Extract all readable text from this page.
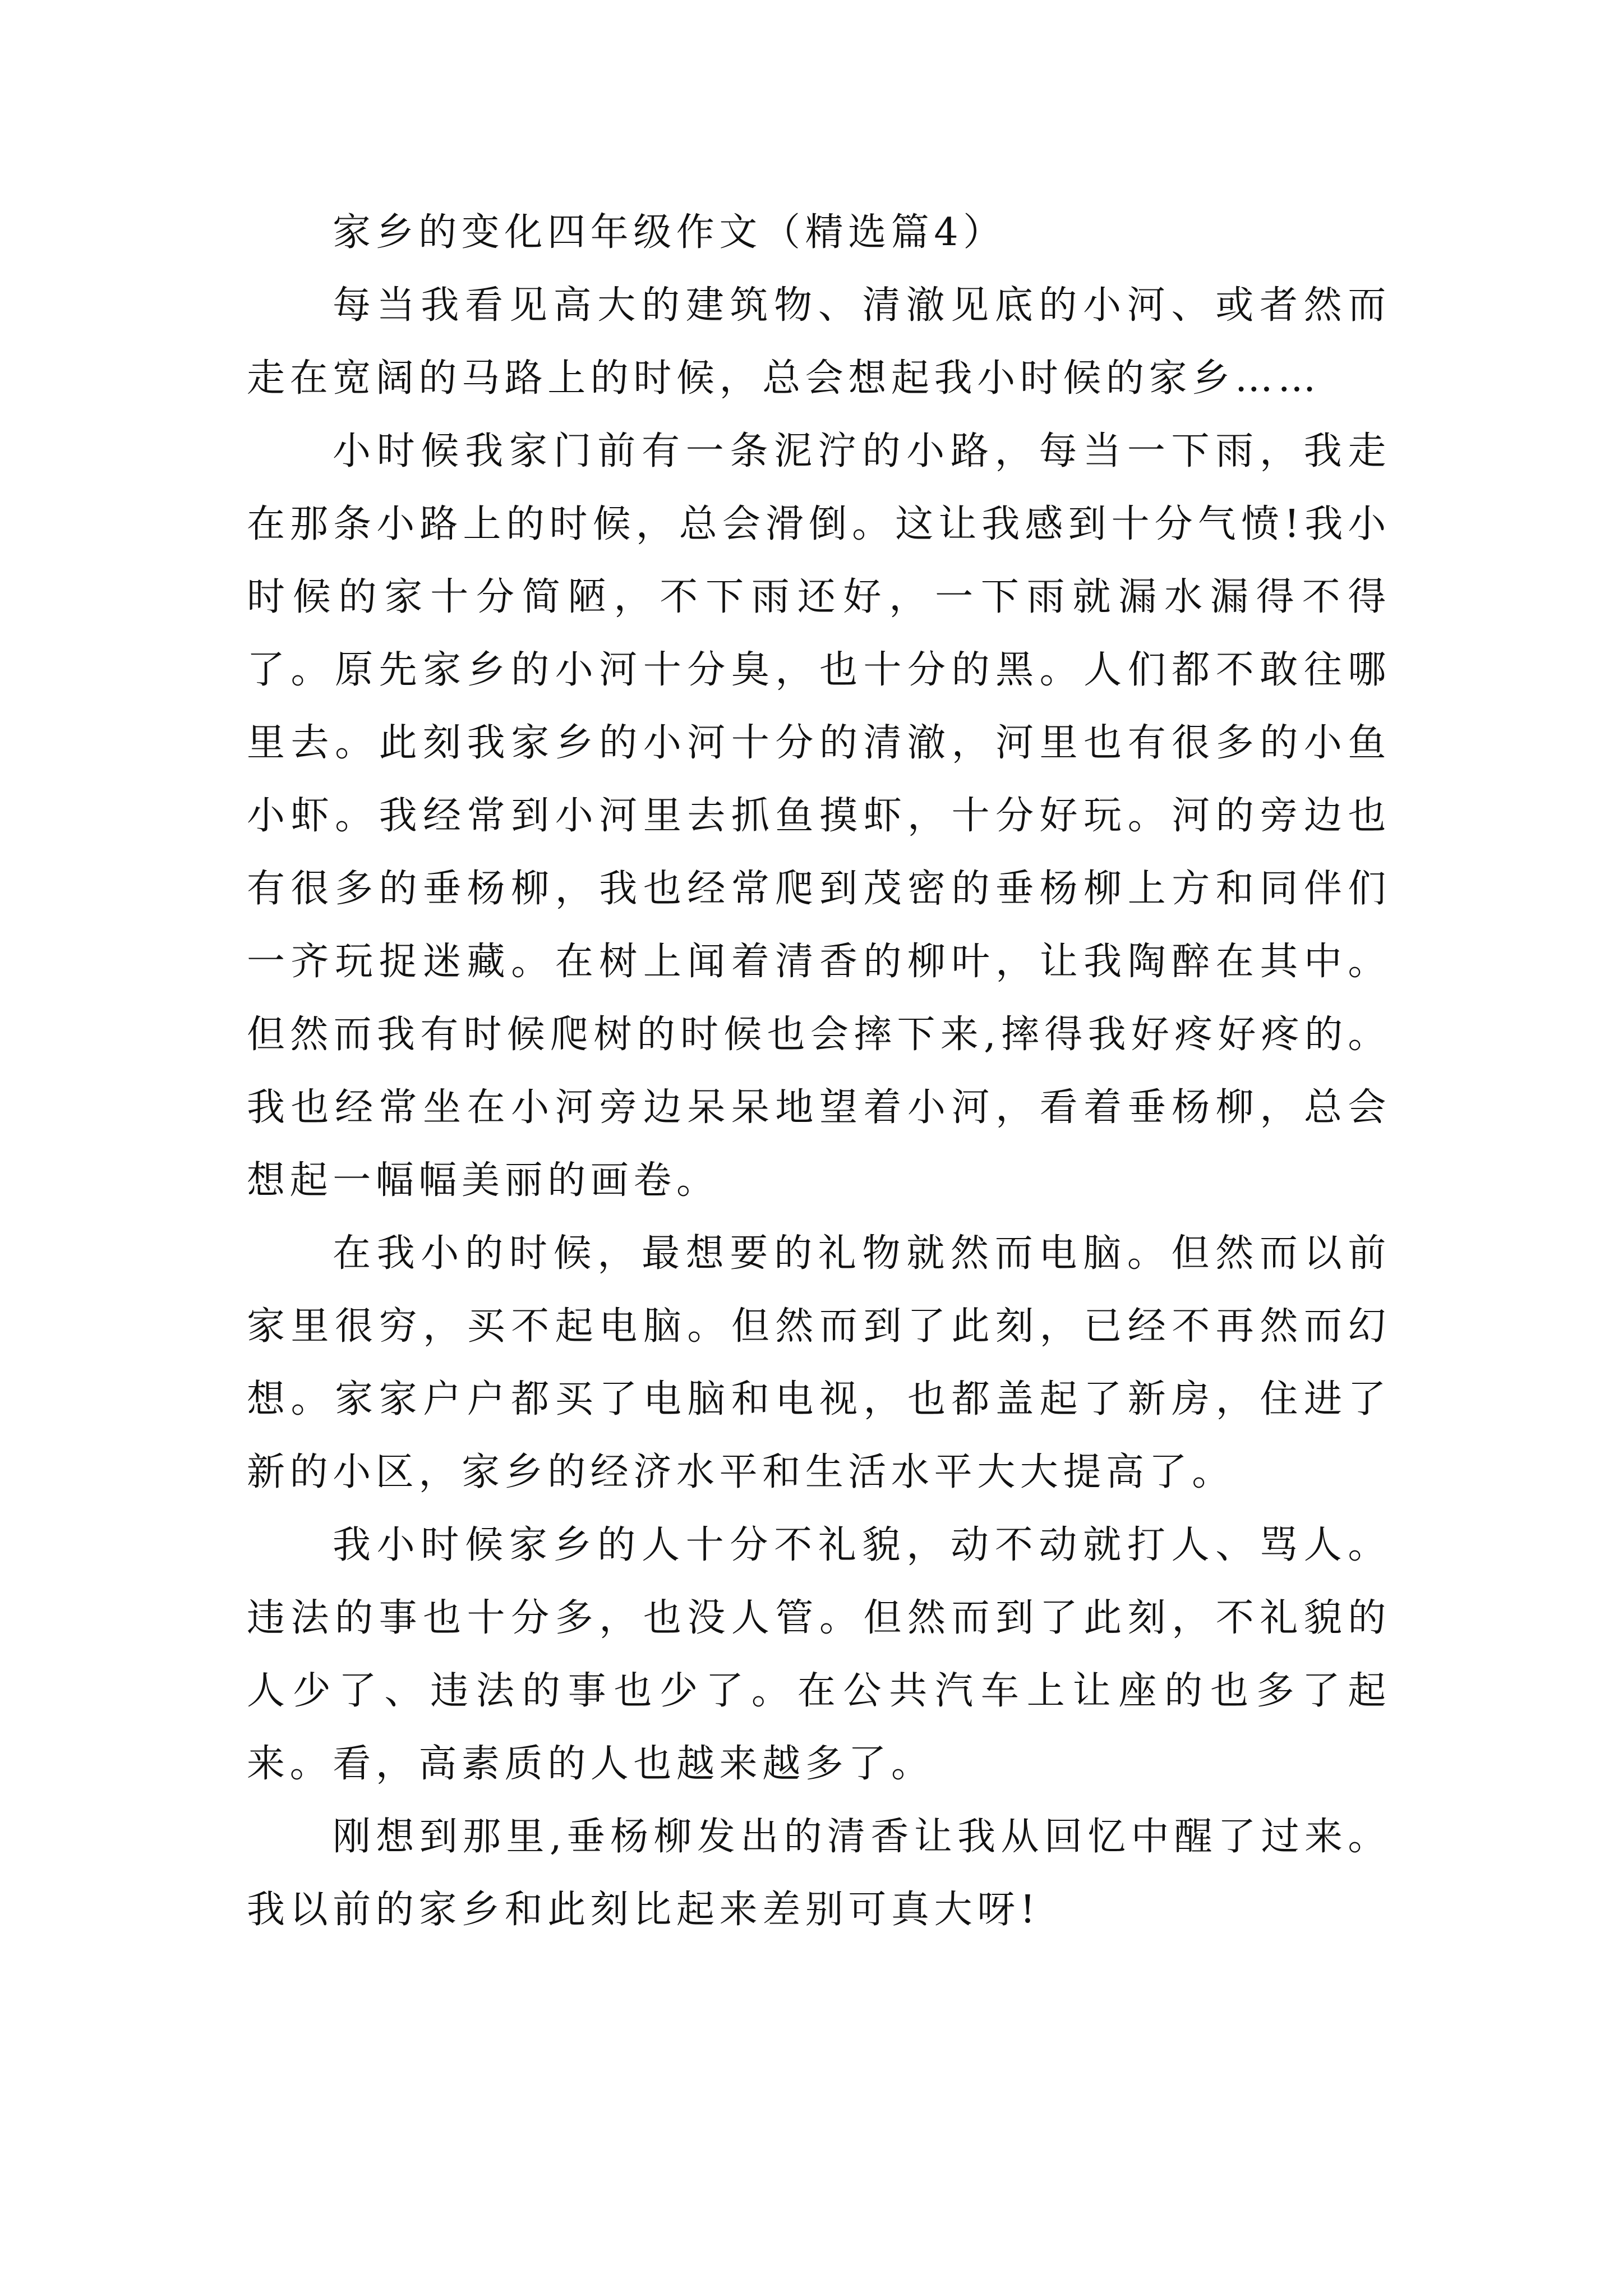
家乡的变化四年级作文（精选篇4）

每当我看见高大的建筑物、清澈见底的小河、或者然而走在宽阔的马路上的时候，总会想起我小时候的家乡……

小时候我家门前有一条泥泞的小路，每当一下雨，我走在那条小路上的时候，总会滑倒。这让我感到十分气愤!我小时候的家十分简陋，不下雨还好，一下雨就漏水漏得不得了。原先家乡的小河十分臭，也十分的黑。人们都不敢往哪里去。此刻我家乡的小河十分的清澈，河里也有很多的小鱼小虾。我经常到小河里去抓鱼摸虾，十分好玩。河的旁边也有很多的垂杨柳，我也经常爬到茂密的垂杨柳上方和同伴们一齐玩捉迷藏。在树上闻着清香的柳叶，让我陶醉在其中。但然而我有时候爬树的时候也会摔下来,摔得我好疼好疼的。我也经常坐在小河旁边呆呆地望着小河，看着垂杨柳，总会想起一幅幅美丽的画卷。

在我小的时候，最想要的礼物就然而电脑。但然而以前家里很穷，买不起电脑。但然而到了此刻，已经不再然而幻想。家家户户都买了电脑和电视，也都盖起了新房，住进了新的小区，家乡的经济水平和生活水平大大提高了。

我小时候家乡的人十分不礼貌，动不动就打人、骂人。违法的事也十分多，也没人管。但然而到了此刻，不礼貌的人少了、违法的事也少了。在公共汽车上让座的也多了起来。看，高素质的人也越来越多了。

刚想到那里,垂杨柳发出的清香让我从回忆中醒了过来。我以前的家乡和此刻比起来差别可真大呀!
